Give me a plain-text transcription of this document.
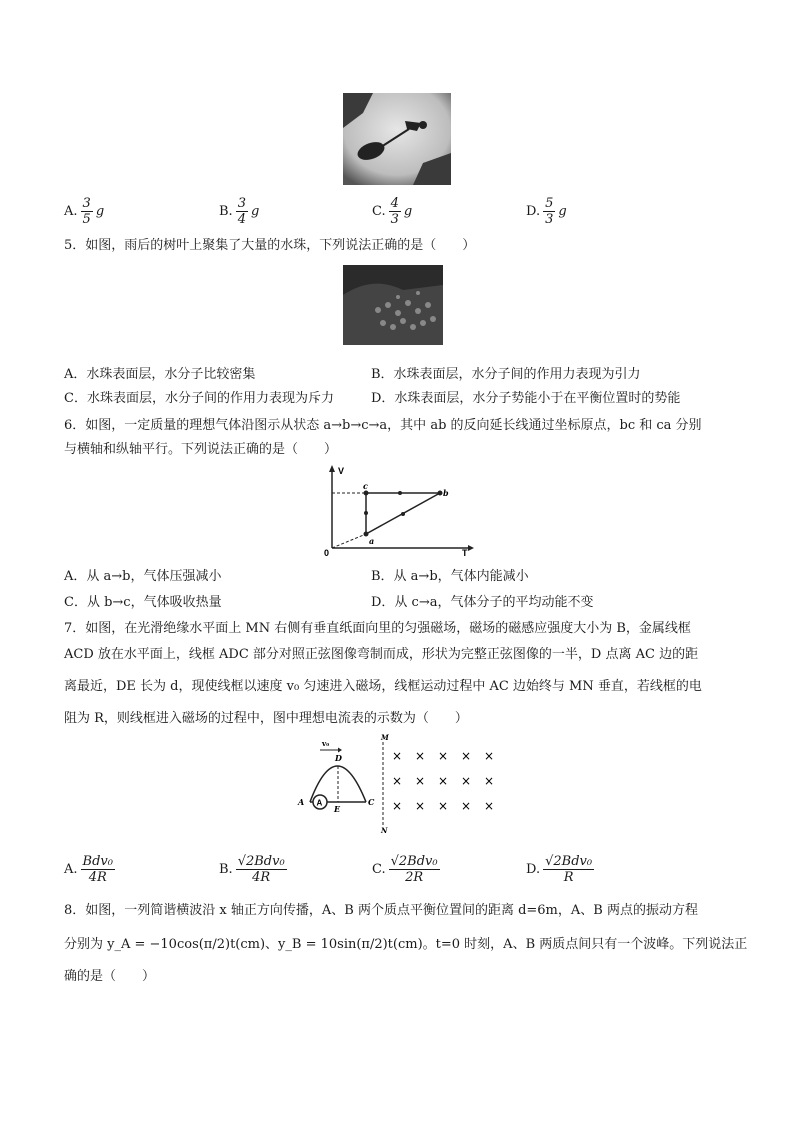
A. $\frac{3}{5}$ g	B. $\frac{3}{4}$ g	C. $\frac{4}{3}$ g	D. $\frac{5}{3}$ g
5．如图，雨后的树叶上聚集了大量的水珠，下列说法正确的是（　　）
A．水珠表面层，水分子比较密集	B．水珠表面层，水分子间的作用力表现为引力
C．水珠表面层，水分子间的作用力表现为斥力	D．水珠表面层，水分子势能小于在平衡位置时的势能
6．如图，一定质量的理想气体沿图示从状态 a→b→c→a，其中 ab 的反向延长线通过坐标原点，bc 和 ca 分别
与横轴和纵轴平行。下列说法正确的是（　　）
V
T
0
a
b
c
A．从 a→b，气体压强减小	B．从 a→b，气体内能减小
C．从 b→c，气体吸收热量	D．从 c→a，气体分子的平均动能不变
7．如图，在光滑绝缘水平面上 MN 右侧有垂直纸面向里的匀强磁场，磁场的磁感应强度大小为 B，金属线框
ACD 放在水平面上，线框 ADC 部分对照正弦图像弯制而成，形状为完整正弦图像的一半，D 点离 AC 边的距
离最近，DE 长为 d，现使线框以速度 v₀ 匀速进入磁场，线框运动过程中 AC 边始终与 MN 垂直，若线框的电
阻为 R，则线框进入磁场的过程中，图中理想电流表的示数为（　　）
v₀
A
A	C
D
E
M
N
× × × × ×
× × × × ×
× × × × ×
A. $\frac{\text{Bdv₀}}{4R}$	B. $\frac{\text{√2Bdv₀}}{4R}$	C. $\frac{\text{√2Bdv₀}}{2R}$	D. $\frac{\text{√2Bdv₀}}{R}$
8．如图，一列简谐横波沿 x 轴正方向传播，A、B 两个质点平衡位置间的距离 d=6m，A、B 两点的振动方程
分别为 y_A = −10cos(π/2)t(cm)、y_B = 10sin(π/2)t(cm)。t=0 时刻，A、B 两质点间只有一个波峰。下列说法正
确的是（　　）
